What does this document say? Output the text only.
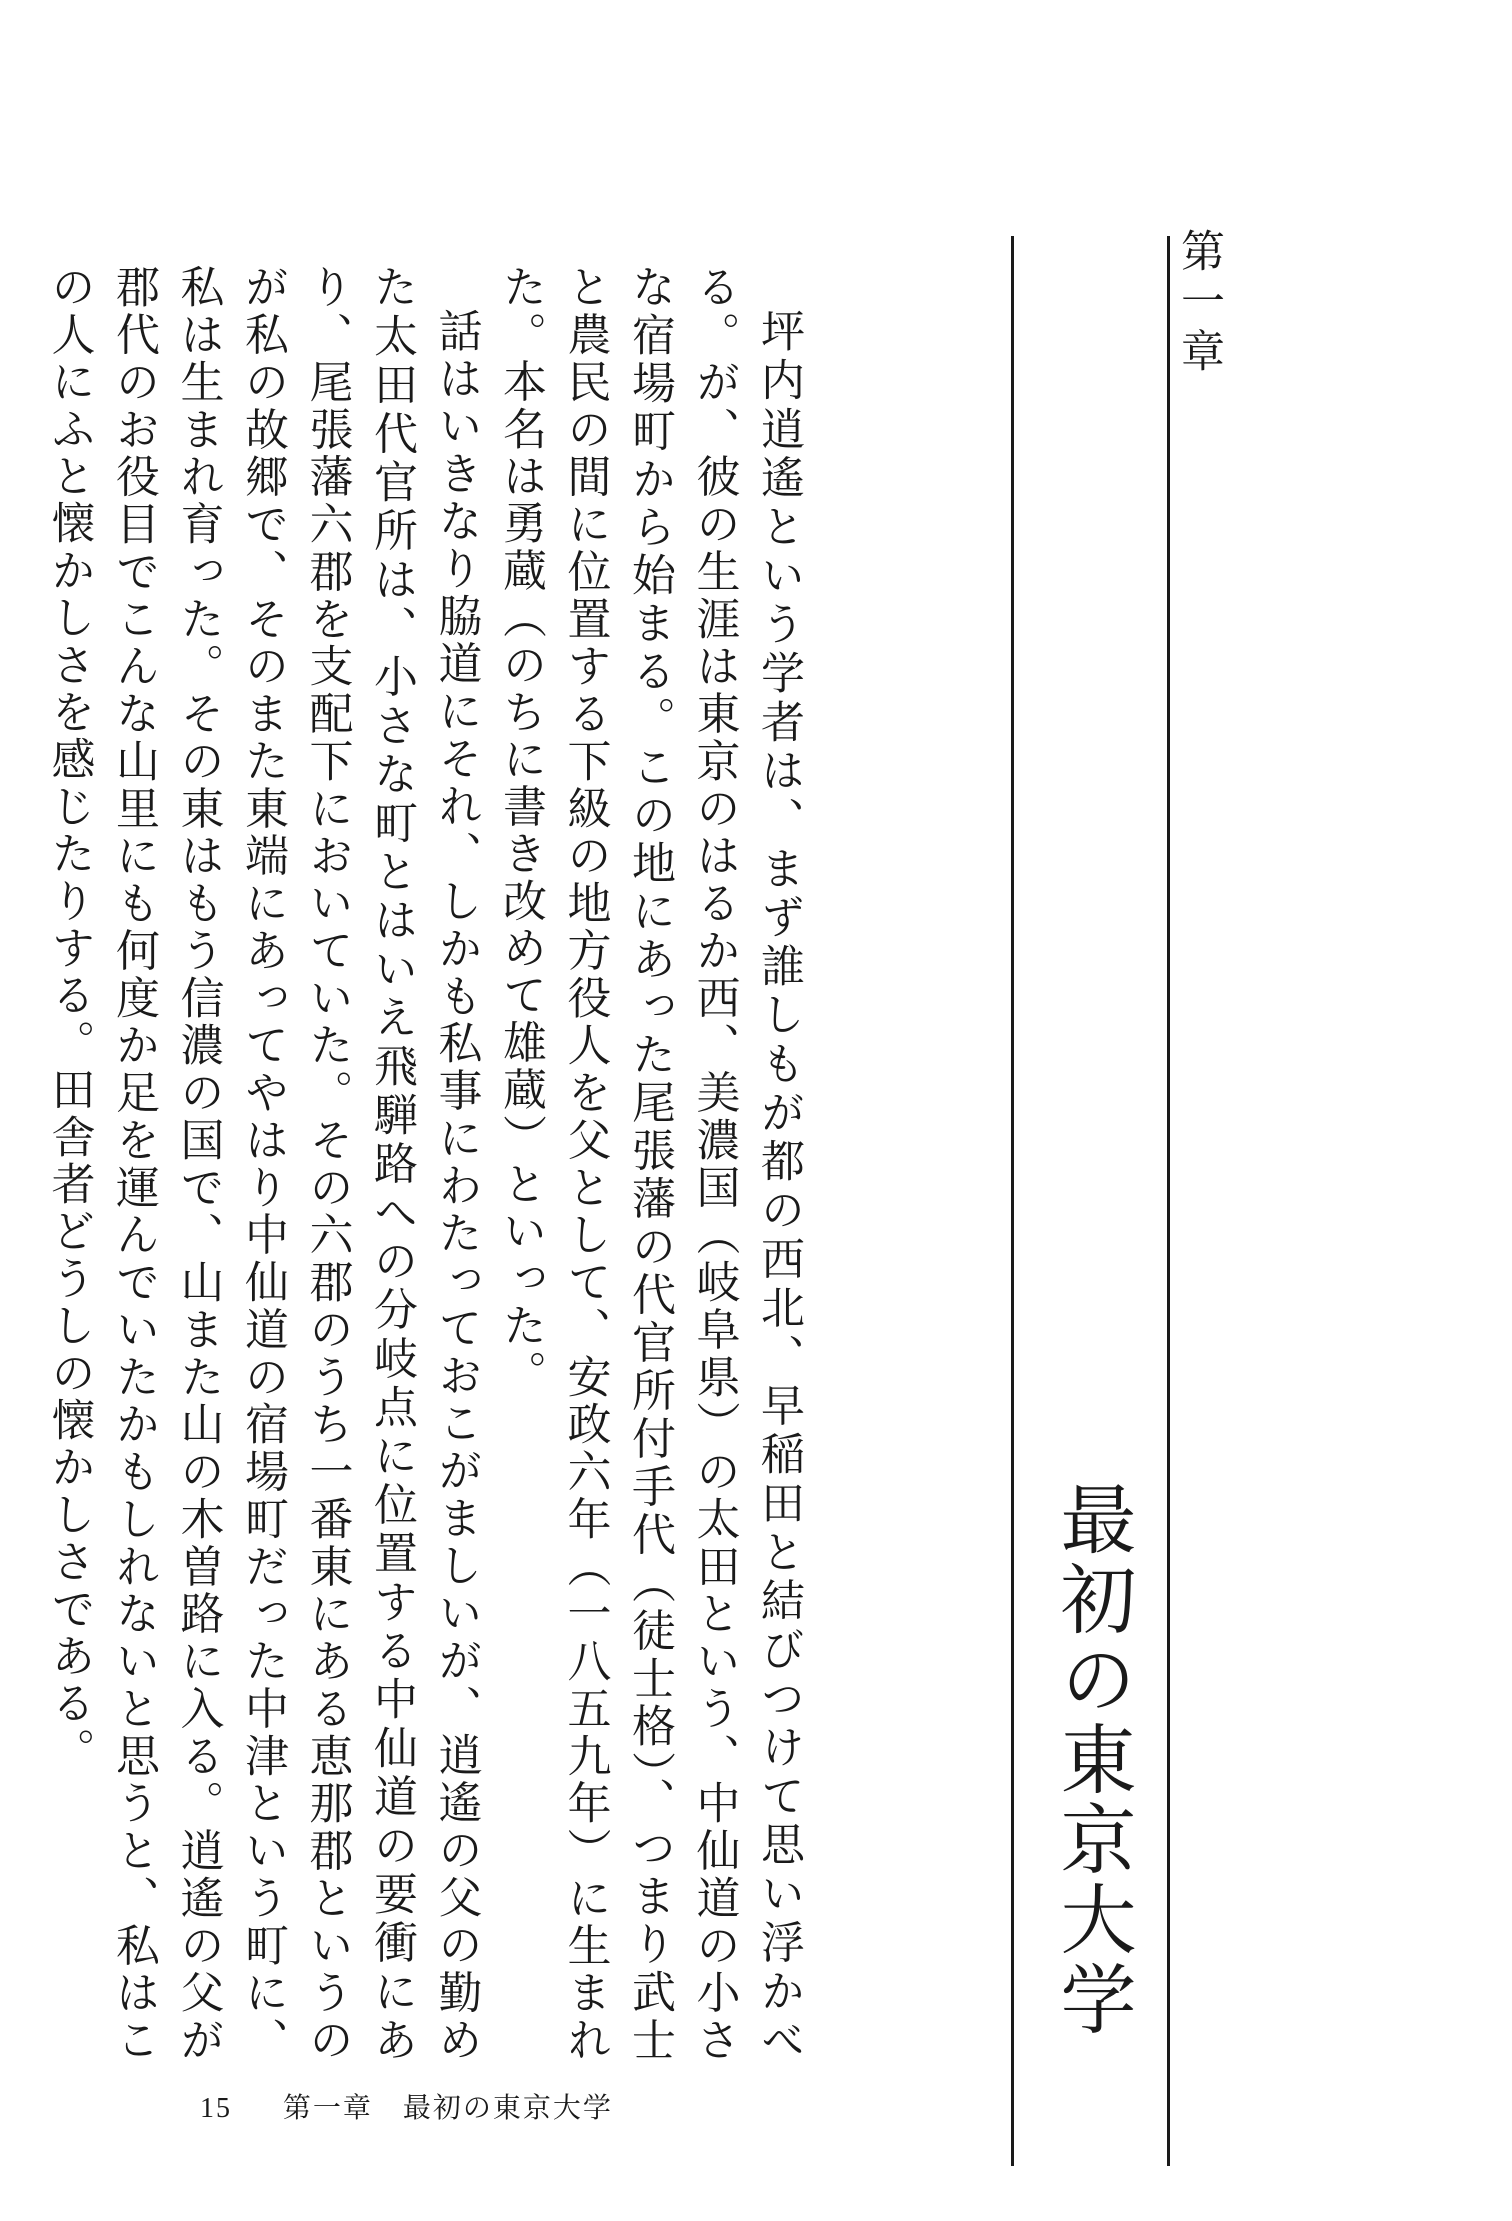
第一章
最初の東京大学

坪内逍遙という学者は、まず誰しもが都の西北、早稲田と結びつけて思い浮かべる。が、彼の生涯は東京のはるか西、美濃国（岐阜県）の太田という、中仙道の小さな宿場町から始まる。この地にあった尾張藩の代官所付手代（徒士格）、つまり武士と農民の間に位置する下級の地方役人を父として、安政六年（一八五九年）に生まれた。本名は勇蔵（のちに書き改めて雄蔵）といった。

話はいきなり脇道にそれ、しかも私事にわたっておこがましいが、逍遙の父の勤めた太田代官所は、小さな町とはいえ飛騨路への分岐点に位置する中仙道の要衝にあり、尾張藩六郡を支配下においていた。その六郡のうち一番東にある恵那郡というのが私の故郷で、そのまた東端にあってやはり中仙道の宿場町だった中津という町に、私は生まれ育った。その東はもう信濃の国で、山また山の木曽路に入る。逍遙の父が郡代のお役目でこんな山里にも何度か足を運んでいたかもしれないと思うと、私はこの人にふと懐かしさを感じたりする。田舎者どうしの懐かしさである。

15 第一章　最初の東京大学
